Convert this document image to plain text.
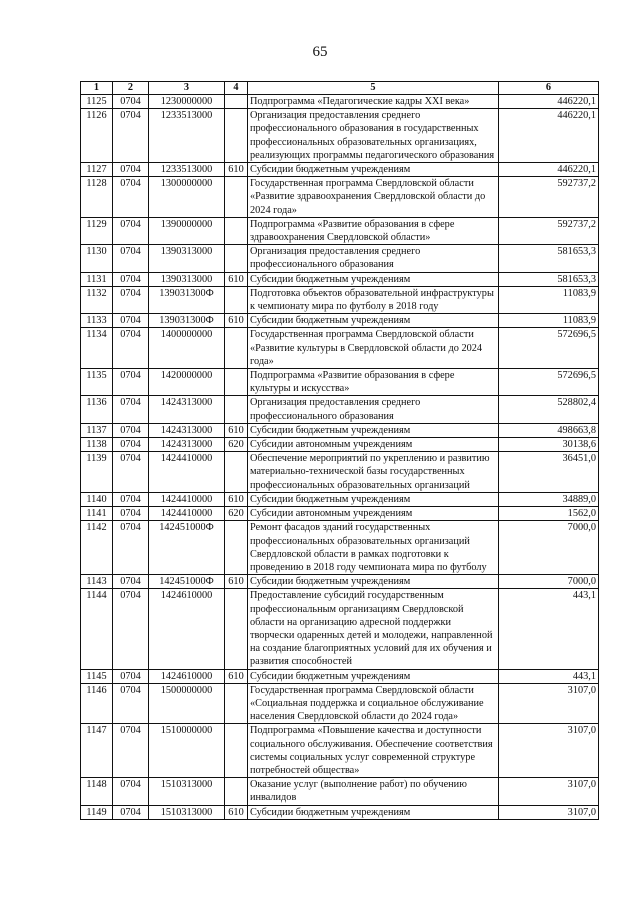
65
1	2	3	4	5	6
1125	0704	1230000000		Подпрограмма «Педагогические кадры XXI века»	446220,1
1126	0704	1233513000		Организация предоставления среднего профессионального образования в государственных профессиональных образовательных организациях, реализующих программы педагогического образования	446220,1
1127	0704	1233513000	610	Субсидии бюджетным учреждениям	446220,1
1128	0704	1300000000		Государственная программа Свердловской области «Развитие здравоохранения Свердловской области до 2024 года»	592737,2
1129	0704	1390000000		Подпрограмма «Развитие образования в сфере здравоохранения Свердловской области»	592737,2
1130	0704	1390313000		Организация предоставления среднего профессионального образования	581653,3
1131	0704	1390313000	610	Субсидии бюджетным учреждениям	581653,3
1132	0704	139031300Ф		Подготовка объектов образовательной инфраструктуры к чемпионату мира по футболу в 2018 году	11083,9
1133	0704	139031300Ф	610	Субсидии бюджетным учреждениям	11083,9
1134	0704	1400000000		Государственная программа Свердловской области «Развитие культуры в Свердловской области до 2024 года»	572696,5
1135	0704	1420000000		Подпрограмма «Развитие образования в сфере культуры и искусства»	572696,5
1136	0704	1424313000		Организация предоставления среднего профессионального образования	528802,4
1137	0704	1424313000	610	Субсидии бюджетным учреждениям	498663,8
1138	0704	1424313000	620	Субсидии автономным учреждениям	30138,6
1139	0704	1424410000		Обеспечение мероприятий по укреплению и развитию материально-технической базы государственных профессиональных образовательных организаций	36451,0
1140	0704	1424410000	610	Субсидии бюджетным учреждениям	34889,0
1141	0704	1424410000	620	Субсидии автономным учреждениям	1562,0
1142	0704	142451000Ф		Ремонт фасадов зданий государственных профессиональных образовательных организаций Свердловской области в рамках подготовки к проведению в 2018 году чемпионата мира по футболу	7000,0
1143	0704	142451000Ф	610	Субсидии бюджетным учреждениям	7000,0
1144	0704	1424610000		Предоставление субсидий государственным профессиональным организациям Свердловской области на организацию адресной поддержки творчески одаренных детей и молодежи, направленной на создание благоприятных условий для их обучения и развития способностей	443,1
1145	0704	1424610000	610	Субсидии бюджетным учреждениям	443,1
1146	0704	1500000000		Государственная программа Свердловской области «Социальная поддержка и социальное обслуживание населения Свердловской области до 2024 года»	3107,0
1147	0704	1510000000		Подпрограмма «Повышение качества и доступности социального обслуживания. Обеспечение соответствия системы социальных услуг современной структуре потребностей общества»	3107,0
1148	0704	1510313000		Оказание услуг (выполнение работ) по обучению инвалидов	3107,0
1149	0704	1510313000	610	Субсидии бюджетным учреждениям	3107,0
